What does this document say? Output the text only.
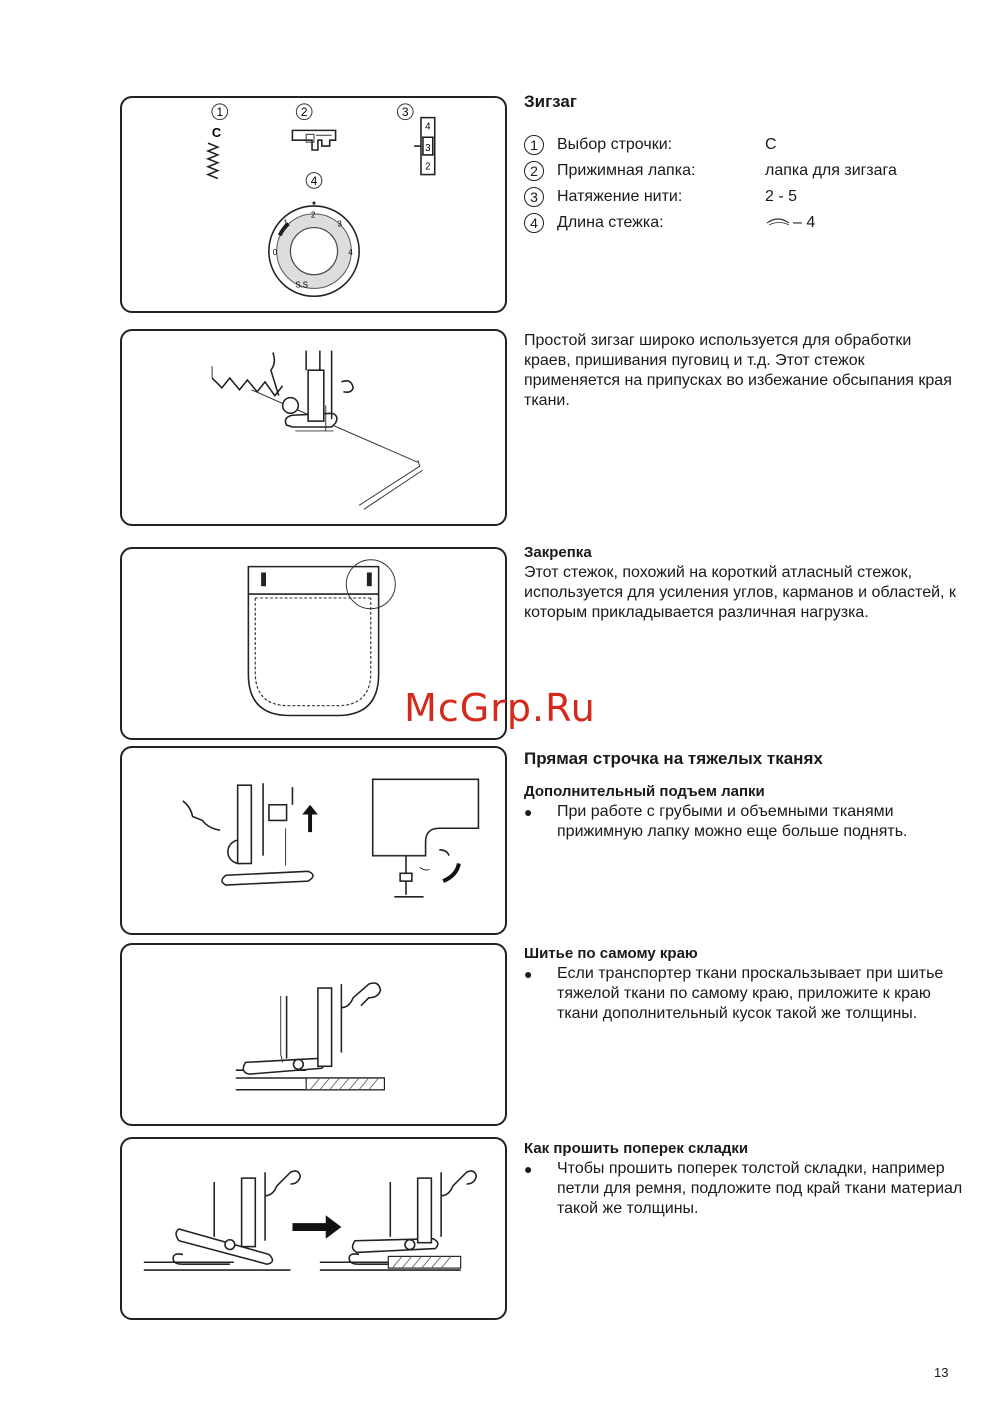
1	2	3
4
C	4
3
2
0
1
2
3
4
S.S

Зигзаг

1	Выбор строчки:	C
2	Прижимная лапка:	лапка для зигзага
3	Натяжение нити:	2 - 5
4	Длина стежка:	– 4

Простой зигзаг широко используется для обработки краев, пришивания пуговиц и т.д. Этот стежок применяется на припусках во избежание обсыпания края ткани.

Закрепка

Этот стежок, похожий на короткий атласный стежок, используется для усиления углов, карманов и областей, к которым прикладывается различная нагрузка.

Прямая строчка на тяжелых тканях

Дополнительный подъем лапки

●	При работе с грубыми и объемными тканями прижимную лапку можно еще больше поднять.

Шитье по самому краю

●	Если транспортер ткани проскальзывает при шитье тяжелой ткани по самому краю, приложите к краю ткани дополнительный кусок такой же толщины.

Как прошить поперек складки

●	Чтобы прошить поперек толстой складки, например петли для ремня, подложите под край ткани материал такой же толщины.
McGrp.Ru
13
